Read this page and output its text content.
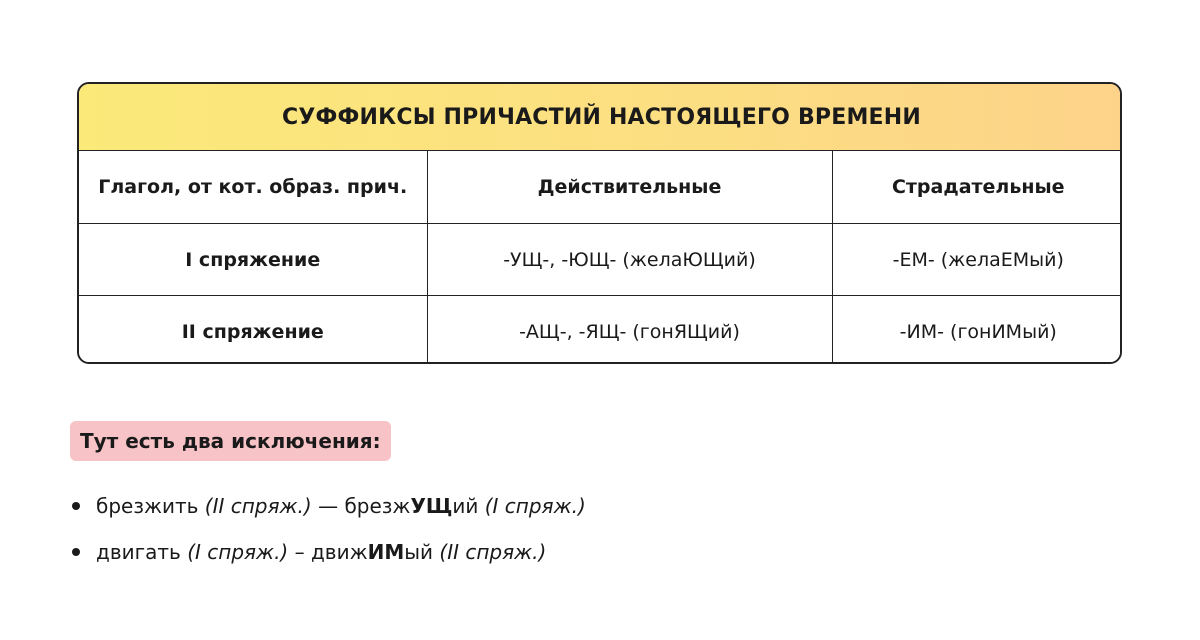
СУФФИКСЫ ПРИЧАСТИЙ НАСТОЯЩЕГО ВРЕМЕНИ		
Глагол, от кот. образ. прич.	Действительные	Страдательные
I спряжение	-УЩ-, -ЮЩ- (желаЮЩий)	-ЕМ- (желаЕМый)
II спряжение	-АЩ-, -ЯЩ- (гонЯЩий)	-ИМ- (гонИМый)
Тут есть два исключения:
брезжить (II спряж.) — брезжУЩий (I спряж.)
двигать (I спряж.) – движИМый (II спряж.)
